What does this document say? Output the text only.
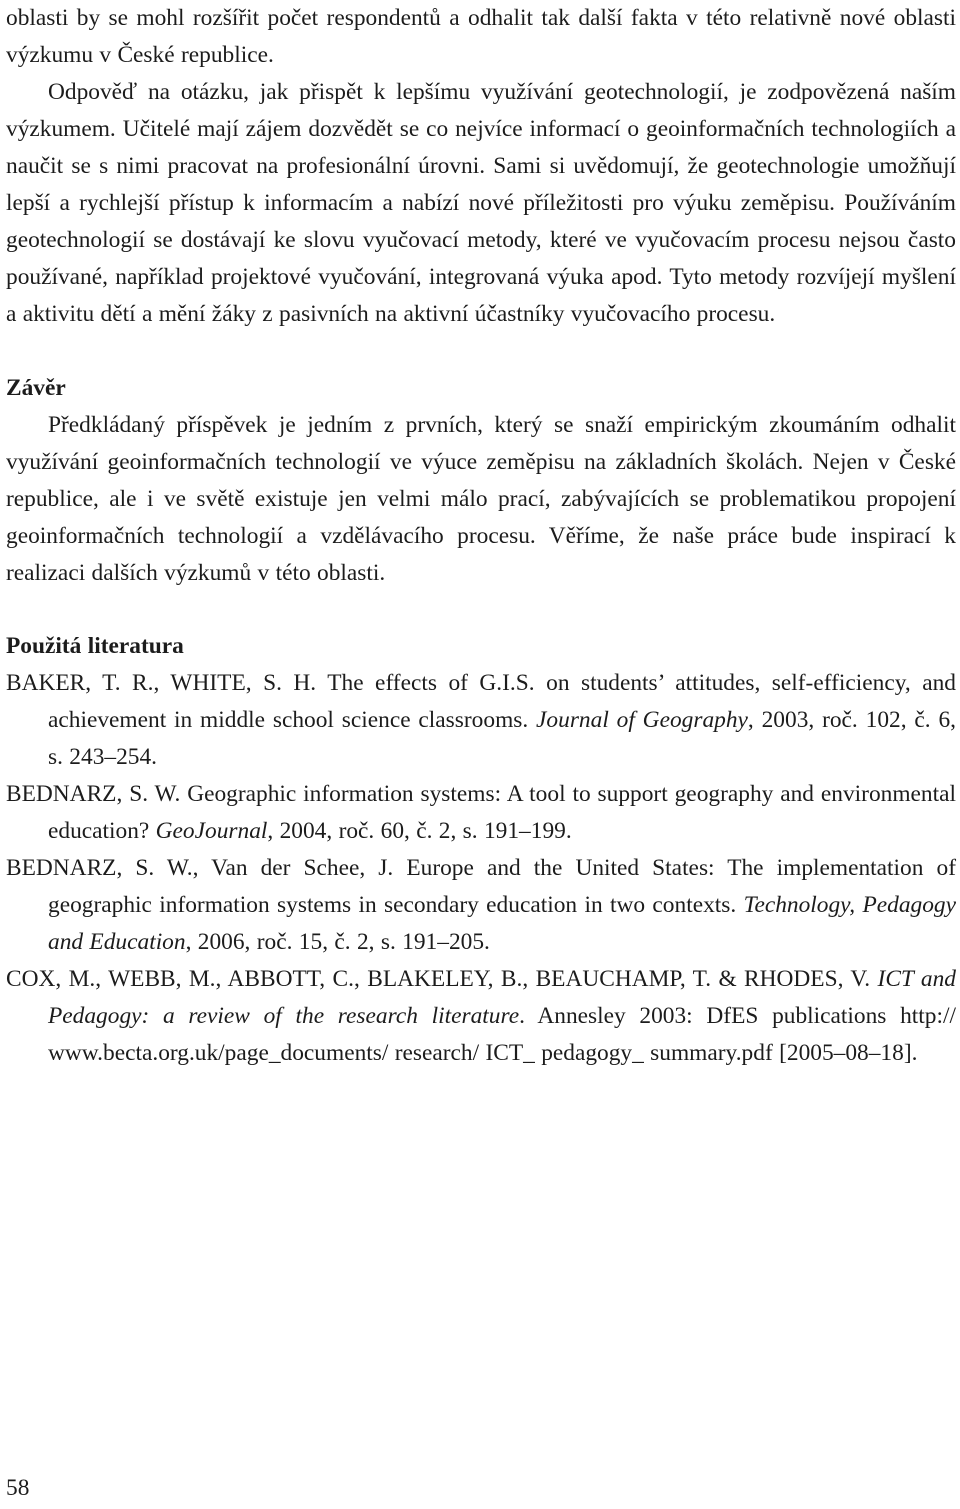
oblasti by se mohl rozšířit počet respondentů a odhalit tak další fakta v této relativně nové oblasti výzkumu v České republice.

Odpověď na otázku, jak přispět k lepšímu využívání geotechnologií, je zodpovězená naším výzkumem. Učitelé mají zájem dozvědět se co nejvíce informací o geoinformačních technologiích a naučit se s nimi pracovat na profesionální úrovni. Sami si uvědomují, že geotechnologie umožňují lepší a rychlejší přístup k informacím a nabízí nové příležitosti pro výuku zeměpisu. Používáním geotechnologií se dostávají ke slovu vyučovací metody, které ve vyučovacím procesu nejsou často používané, například projektové vyučování, integrovaná výuka apod. Tyto metody rozvíjejí myšlení a aktivitu dětí a mění žáky z pasivních na aktivní účastníky vyučovacího procesu.

Závěr

Předkládaný příspěvek je jedním z prvních, který se snaží empirickým zkoumáním odhalit využívání geoinformačních technologií ve výuce zeměpisu na základních školách. Nejen v České republice, ale i ve světě existuje jen velmi málo prací, zabývajících se problematikou propojení geoinformačních technologií a vzdělávacího procesu. Věříme, že naše práce bude inspirací k realizaci dalších výzkumů v této oblasti.

Použitá literatura

BAKER, T. R., WHITE, S. H. The effects of G.I.S. on students’ attitudes, self-efficiency, and achievement in middle school science classrooms. Journal of Geography, 2003, roč. 102, č. 6, s. 243–254.

BEDNARZ, S. W. Geographic information systems: A tool to support geography and environmental education? GeoJournal, 2004, roč. 60, č. 2, s. 191–199.

BEDNARZ, S. W., Van der Schee, J. Europe and the United States: The implementation of geographic information systems in secondary education in two contexts. Technology, Pedagogy and Education, 2006, roč. 15, č. 2, s. 191–205.

COX, M., WEBB, M., ABBOTT, C., BLAKELEY, B., BEAUCHAMP, T. & RHODES, V. ICT and Pedagogy: a review of the research literature. Annesley 2003: DfES publications http:// www.becta.org.uk/page_documents/ research/ ICT_ pedagogy_ summary.pdf [2005–08–18].

58
